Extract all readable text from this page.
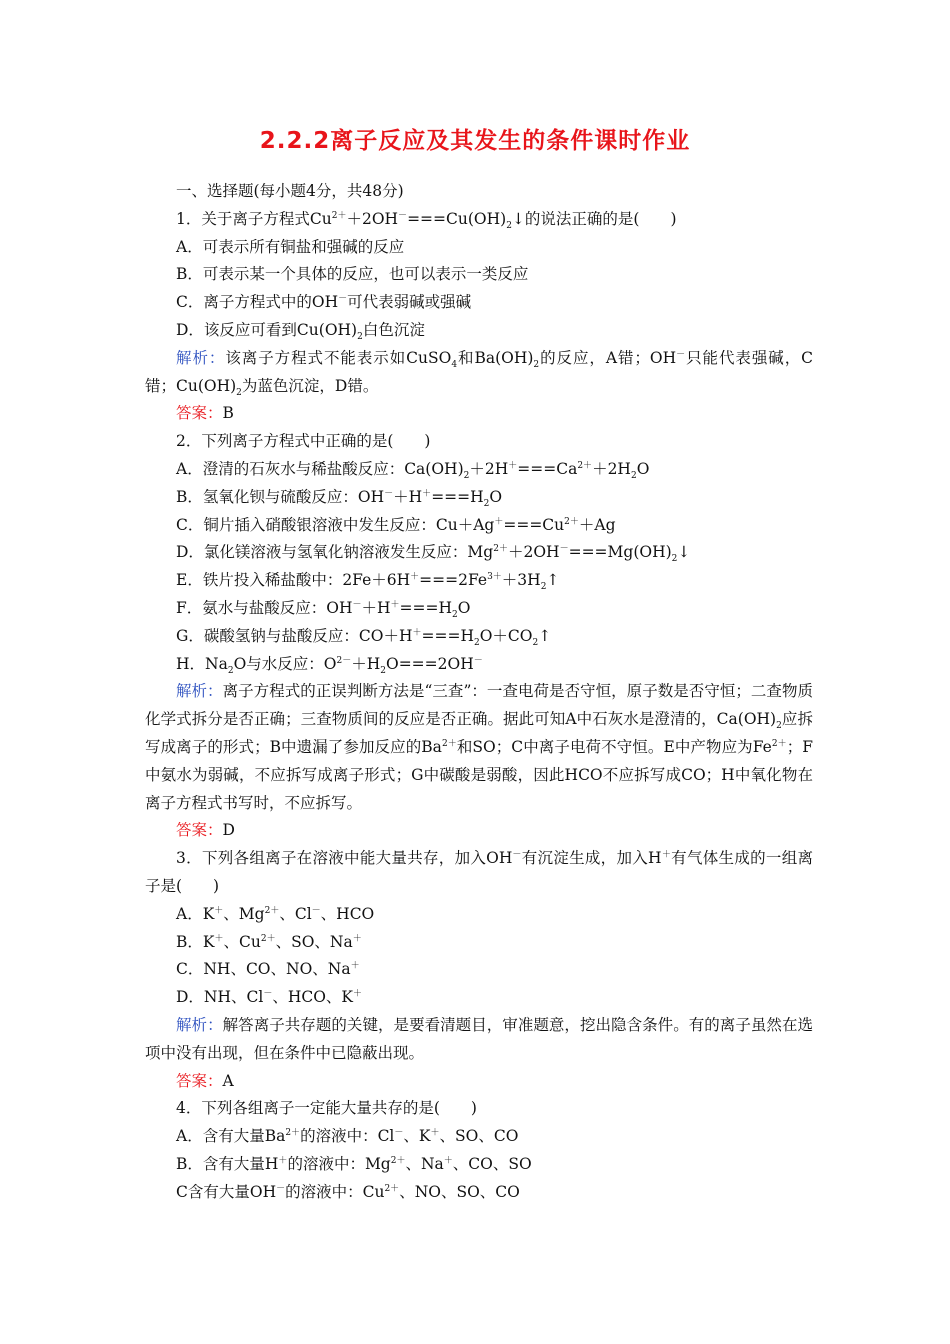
2.2.2离子反应及其发生的条件课时作业
一、选择题(每小题4分，共48分)
1．关于离子方程式$Cu^{2+}+2OH^-===Cu(OH)_2↓$的说法正确的是(　　)
A．可表示所有铜盐和强碱的反应
B．可表示某一个具体的反应，也可以表示一类反应
C．离子方程式中的OH－可代表弱碱或强碱
D．该反应可看到$Cu(OH)_2$白色沉淀
解析：该离子方程式不能表示如CuSO$_4$和$Ba(OH)_2$的反应，A错；OH－只能代表强碱，C错；$Cu(OH)_2$为蓝色沉淀，D错。
答案：B
2．下列离子方程式中正确的是(　　)
A．澄清的石灰水与稀盐酸反应：$Ca(OH)_2+2H^+===Ca^{2+}+2H_2O$
B．氢氧化钡与硫酸反应：$OH^-+H^+===H_2O$
C．铜片插入硝酸银溶液中发生反应：$Cu+Ag^+===Cu^{2+}+Ag$
D．氯化镁溶液与氢氧化钠溶液发生反应：$Mg^{2+}+2OH^-===Mg(OH)_2↓$
E．铁片投入稀盐酸中：$2Fe+6H^+===2Fe^{3+}+3H_2↑$
F．氨水与盐酸反应：$OH^-+H^+===H_2O$
G．碳酸氢钠与盐酸反应：$CO+H^+===H_2O+CO_2↑$
H．$Na_2O$与水反应：$O^{2-}+H_2O===2OH^-$
解析：离子方程式的正误判断方法是“三查”：一查电荷是否守恒，原子数是否守恒；二查物质化学式拆分是否正确；三查物质间的反应是否正确。据此可知A中石灰水是澄清的，$Ca(OH)_2$应拆写成离子的形式；B中遗漏了参加反应的$Ba^{2+}$和SO；C中离子电荷不守恒。E中产物应为$Fe^{2+}$；F中氨水为弱碱，不应拆写成离子形式；G中碳酸是弱酸，因此HCO不应拆写成CO；H中氧化物在离子方程式书写时，不应拆写。
答案：D
3．下列各组离子在溶液中能大量共存，加入OH－有沉淀生成，加入H＋有气体生成的一组离子是(　　)
A．K＋、$Mg^{2+}$、Cl－、HCO
B．K＋、$Cu^{2+}$、SO、Na＋
C．NH、CO、NO、Na＋
D．NH、Cl－、HCO、K＋
解析：解答离子共存题的关键，是要看清题目，审准题意，挖出隐含条件。有的离子虽然在选项中没有出现，但在条件中已隐蔽出现。
答案：A
4．下列各组离子一定能大量共存的是(　　)
A．含有大量$Ba^{2+}$的溶液中：Cl－、K＋、SO、CO
B．含有大量H＋的溶液中：$Mg^{2+}$、Na＋、CO、SO
C含有大量OH－的溶液中：$Cu^{2+}$、NO、SO、CO
